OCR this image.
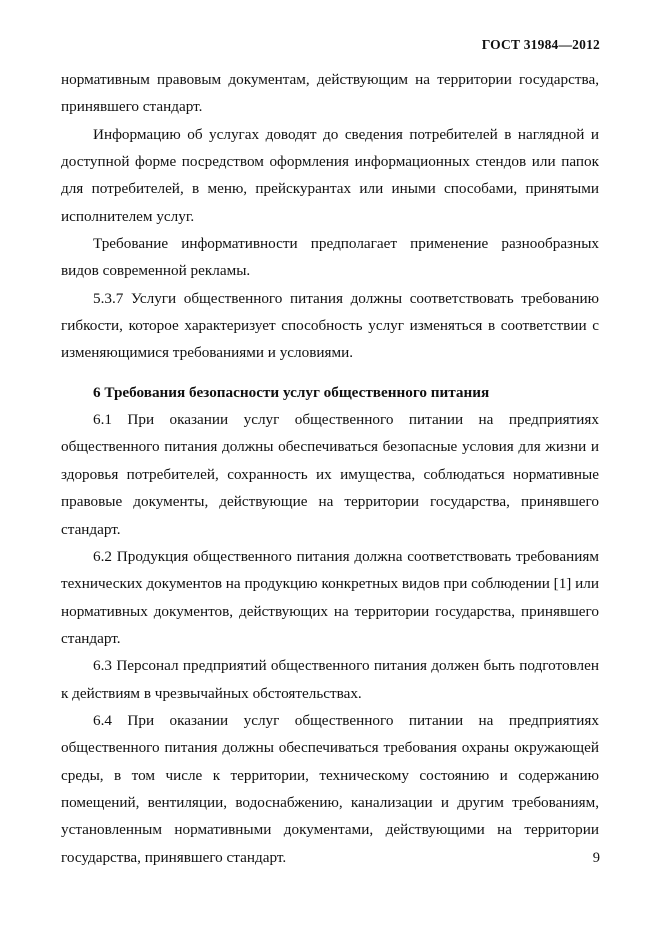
ГОСТ 31984—2012

нормативным правовым документам, действующим на территории государства, принявшего стандарт.

Информацию об услугах доводят до сведения потребителей в наглядной и доступной форме посредством оформления информационных стендов или папок для потребителей, в меню, прейскурантах или иными способами, принятыми исполнителем услуг.

Требование информативности предполагает применение разнообразных видов современной рекламы.

5.3.7 Услуги общественного питания должны соответствовать требованию гибкости, которое характеризует способность услуг изменяться в соответствии с изменяющимися требованиями и условиями.

6 Требования безопасности услуг общественного питания

6.1 При оказании услуг общественного питании на предприятиях общественного питания должны обеспечиваться безопасные условия для жизни и здоровья потребителей, сохранность их имущества, соблюдаться нормативные правовые документы, действующие на территории государства, принявшего стандарт.

6.2 Продукция общественного питания должна соответствовать требованиям технических документов на продукцию конкретных видов при соблюдении [1] или нормативных документов, действующих на территории государства, принявшего стандарт.

6.3 Персонал предприятий общественного питания должен быть подготовлен к действиям в чрезвычайных обстоятельствах.

6.4 При оказании услуг общественного питании на предприятиях общественного питания должны обеспечиваться требования охраны окружающей среды, в том числе к территории, техническому состоянию и содержанию помещений, вентиляции, водоснабжению, канализации и другим требованиям, установленным нормативными документами, действующими на территории государства, принявшего стандарт.	9
